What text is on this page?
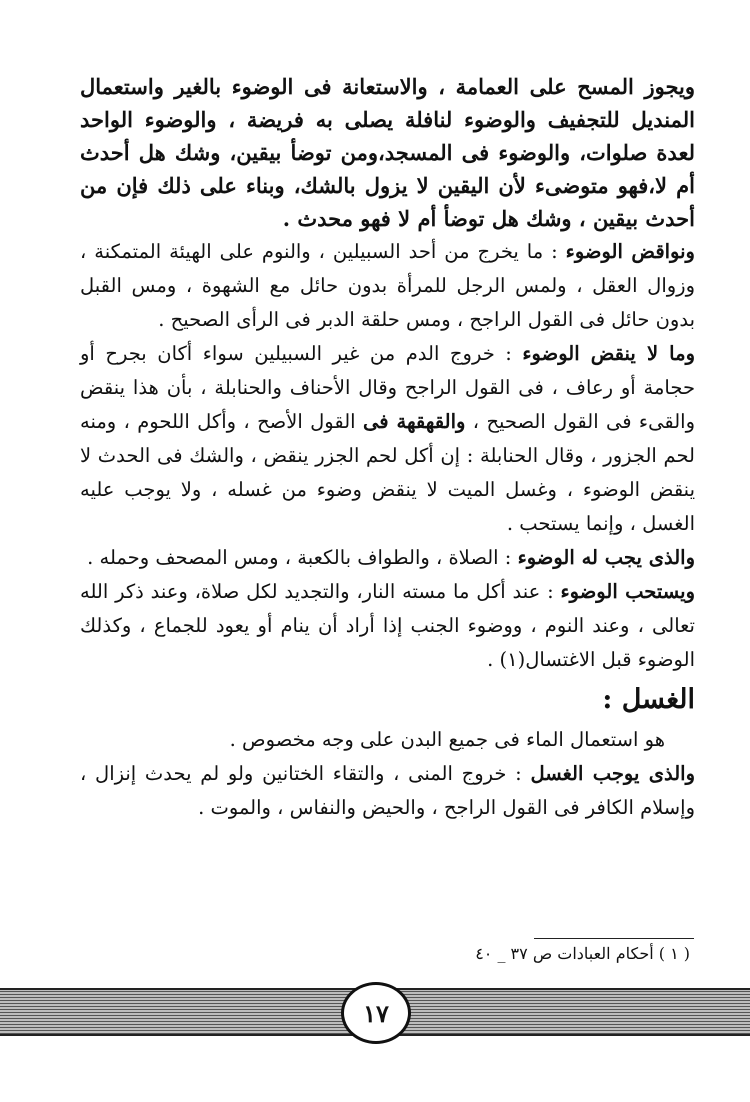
ويجوز المسح على العمامة ، والاستعانة فى الوضوء بالغير واستعمال المنديل للتجفيف والوضوء لنافلة يصلى به فريضة ، والوضوء الواحد لعدة صلوات، والوضوء فى المسجد،ومن توضأ بيقين، وشك هل أحدث أم لا،فهو متوضىء لأن اليقين لا يزول بالشك، وبناء على ذلك فإن من أحدث بيقين ، وشك هل توضأ أم لا فهو محدث .

ونواقض الوضوء : ما يخرج من أحد السبيلين ، والنوم على الهيئة المتمكنة ، وزوال العقل ، ولمس الرجل للمرأة بدون حائل مع الشهوة ، ومس القبل بدون حائل فى القول الراجح ، ومس حلقة الدبر فى الرأى الصحيح .

وما لا ينقض الوضوء : خروج الدم من غير السبيلين سواء أكان بجرح أو حجامة أو رعاف ، فى القول الراجح وقال الأحناف والحنابلة ، بأن هذا ينقض والقىء فى القول الصحيح ، والقهقهة فى القول الأصح ، وأكل اللحوم ، ومنه لحم الجزور ، وقال الحنابلة : إن أكل لحم الجزر ينقض ، والشك فى الحدث لا ينقض الوضوء ، وغسل الميت لا ينقض وضوء من غسله ، ولا يوجب عليه الغسل ، وإنما يستحب .

والذى يجب له الوضوء : الصلاة ، والطواف بالكعبة ، ومس المصحف وحمله .

ويستحب الوضوء : عند أكل ما مسته النار، والتجديد لكل صلاة، وعند ذكر الله تعالى ، وعند النوم ، ووضوء الجنب إذا أراد أن ينام أو يعود للجماع ، وكذلك الوضوء قبل الاغتسال(١) .

الغسل :

هو استعمال الماء فى جميع البدن على وجه مخصوص .

والذى يوجب الغسل : خروج المنى ، والتقاء الختانين ولو لم يحدث إنزال ، وإسلام الكافر فى القول الراجح ، والحيض والنفاس ، والموت .

( ١ ) أحكام العبادات ص ٣٧ _ ٤٠
١٧
